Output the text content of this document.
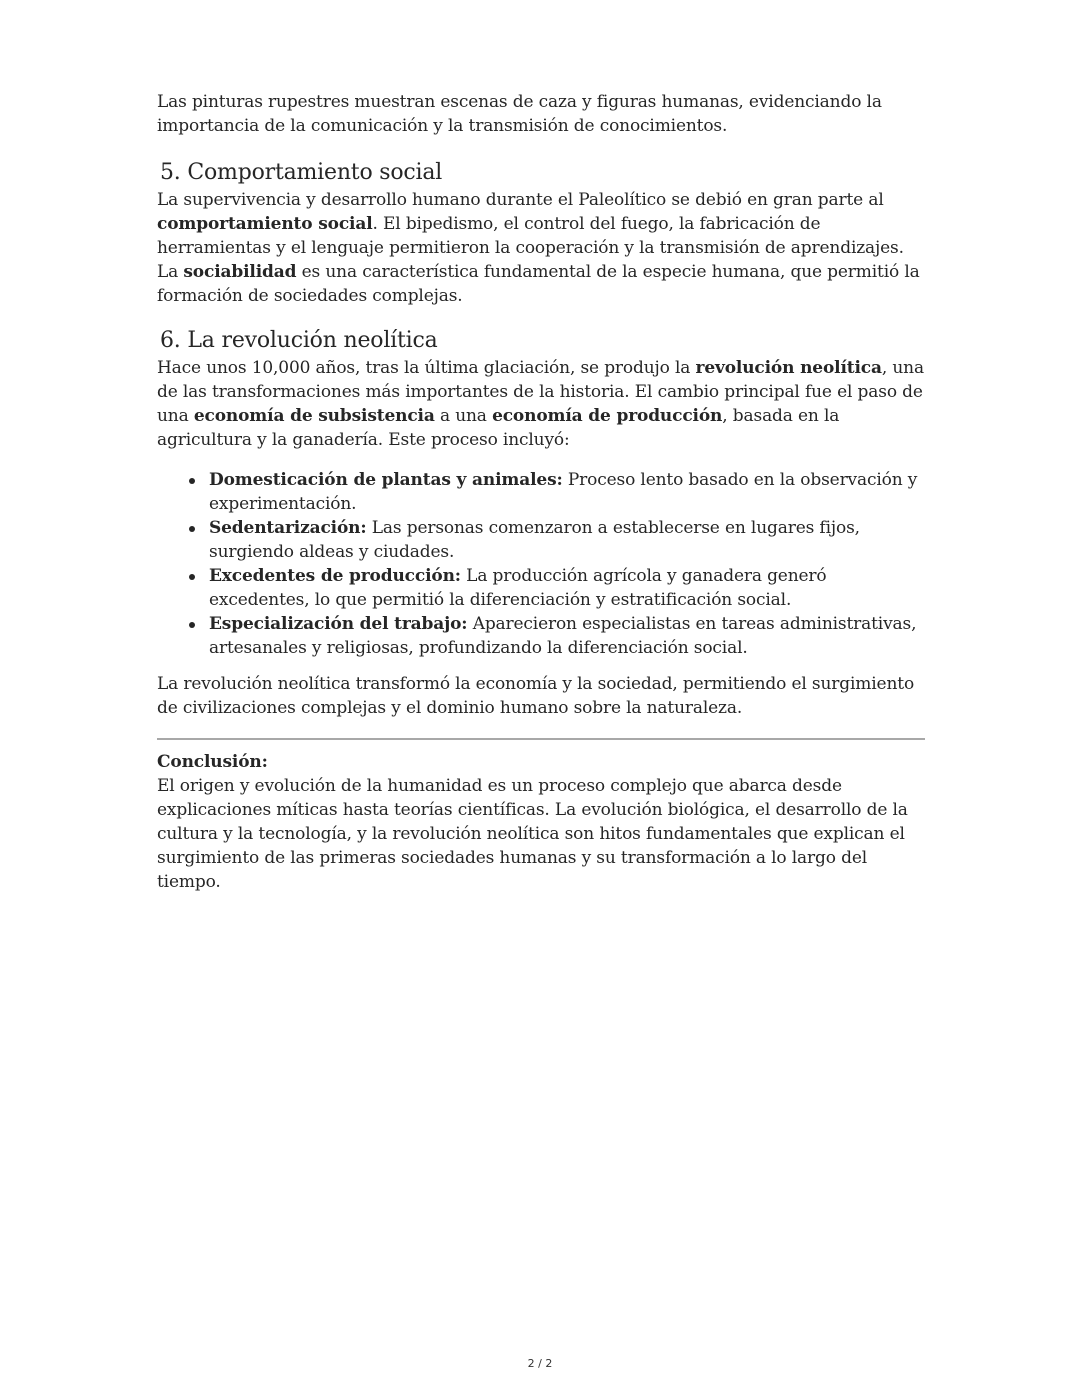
Las pinturas rupestres muestran escenas de caza y figuras humanas, evidenciando la importancia de la comunicación y la transmisión de conocimientos.

5. Comportamiento social

La supervivencia y desarrollo humano durante el Paleolítico se debió en gran parte al comportamiento social. El bipedismo, el control del fuego, la fabricación de herramientas y el lenguaje permitieron la cooperación y la transmisión de aprendizajes. La sociabilidad es una característica fundamental de la especie humana, que permitió la formación de sociedades complejas.

6. La revolución neolítica

Hace unos 10,000 años, tras la última glaciación, se produjo la revolución neolítica, una de las transformaciones más importantes de la historia. El cambio principal fue el paso de una economía de subsistencia a una economía de producción, basada en la agricultura y la ganadería. Este proceso incluyó:

Domesticación de plantas y animales: Proceso lento basado en la observación y experimentación.
Sedentarización: Las personas comenzaron a establecerse en lugares fijos, surgiendo aldeas y ciudades.
Excedentes de producción: La producción agrícola y ganadera generó excedentes, lo que permitió la diferenciación y estratificación social.
Especialización del trabajo: Aparecieron especialistas en tareas administrativas, artesanales y religiosas, profundizando la diferenciación social.

La revolución neolítica transformó la economía y la sociedad, permitiendo el surgimiento de civilizaciones complejas y el dominio humano sobre la naturaleza.

Conclusión:

El origen y evolución de la humanidad es un proceso complejo que abarca desde explicaciones míticas hasta teorías científicas. La evolución biológica, el desarrollo de la cultura y la tecnología, y la revolución neolítica son hitos fundamentales que explican el surgimiento de las primeras sociedades humanas y su transformación a lo largo del tiempo.

2 / 2
